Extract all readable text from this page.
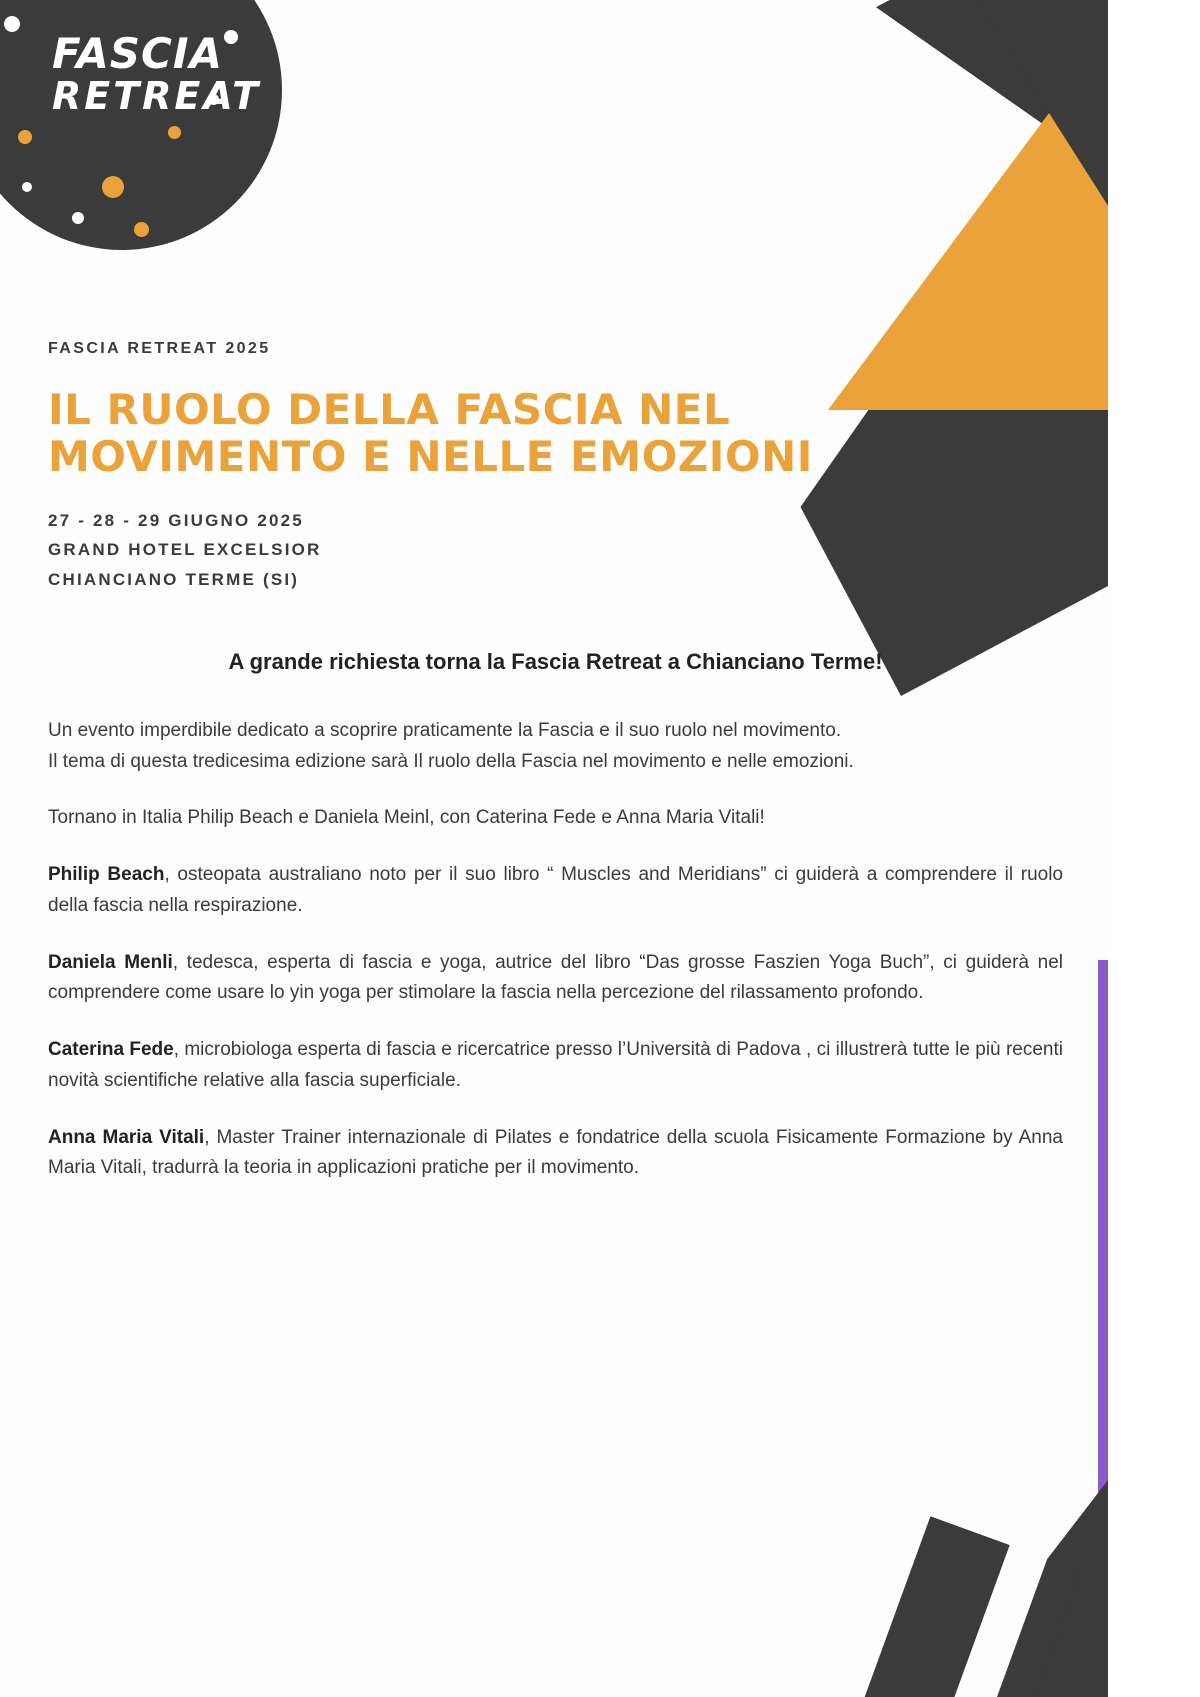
FASCIA
RETREAT
FASCIA RETREAT 2025
IL RUOLO DELLA FASCIA NEL MOVIMENTO E NELLE EMOZIONI
27 - 28 - 29 GIUGNO 2025
GRAND HOTEL EXCELSIOR
CHIANCIANO TERME (SI)
A grande richiesta torna la Fascia Retreat a Chianciano Terme!

Un evento imperdibile dedicato a scoprire praticamente la Fascia e il suo ruolo nel movimento.

Il tema di questa tredicesima edizione sarà Il ruolo della Fascia nel movimento e nelle emozioni.

Tornano in Italia Philip Beach e Daniela Meinl, con Caterina Fede e Anna Maria Vitali!

Philip Beach, osteopata australiano noto per il suo libro “ Muscles and Meridians” ci guiderà a comprendere il ruolo della fascia nella respirazione.

Daniela Menli, tedesca, esperta di fascia e yoga, autrice del libro “Das grosse Faszien Yoga Buch”, ci guiderà nel comprendere come usare lo yin yoga per stimolare la fascia nella percezione del rilassamento profondo.

Caterina Fede, microbiologa esperta di fascia e ricercatrice presso l’Università di Padova , ci illustrerà tutte le più recenti novità scientifiche relative alla fascia superficiale.

Anna Maria Vitali, Master Trainer internazionale di Pilates e fondatrice della scuola Fisicamente Formazione by Anna Maria Vitali, tradurrà la teoria in applicazioni pratiche per il movimento.
